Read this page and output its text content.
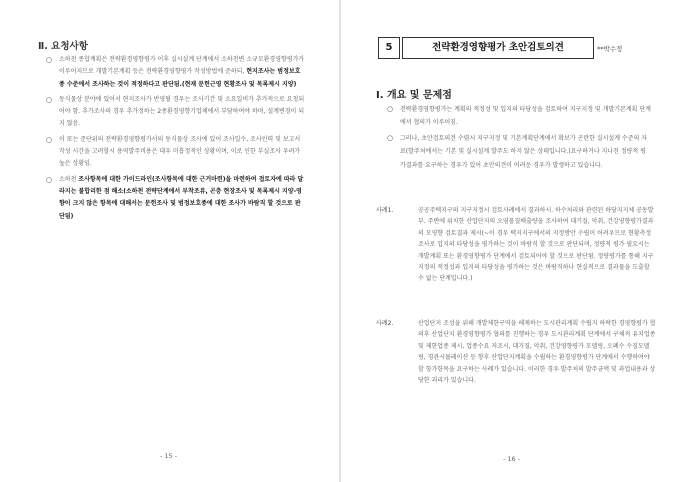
Ⅱ. 요청사항
○ 소하천 종합계획은 전략환경영향평가 이후 실시설계 단계에서 소하천변 소규모환경영향평가가 이루어지므로 개발기본계획 등은 전략환경영향평가 작성방법에 준하되, 현지조사는 범정보호종 수준에서 조사하는 것이 적정하다고 판단됨.(현재 문헌근영 현황조사 및 목록제시 지양)
○ 동식물상 분야에 있어서 현지조사가 반영될 경우는 조사기간 및 소요일비가 추가적으로 요청되어야 함. 추가조사의 경우 추가정하는 2종환경영향기업체에서 부담하여야 하며, 설계변경이 되지 않음.
○ 이 또는 준단위의 전략환경영향평가서의 동식물상 조사에 있어 조사일수, 조사인력 및 보고서 작성 시간을 고려할시 용역발주비용은 대우 미흡정적인 상황이며, 이로 인한 부실조사 우려가 높은 상황임.
○ 소하천 조사항목에 대한 가이드라인(조사항목에 대한 근거마련)을 마련하여 접토자에 따라 달라지는 불합리한 점 해소(소하천 전략단계에서 부착조류, 곤충 현장조사 및 목록제시 지양-영향이 크지 않은 항목에 대해서는 문헌조사 및 범정보호종에 대한 조사가 바람직 할 것으로 판단됨)
- 15 -
5	전략환경영향평가 초안검토의견	**박수정
Ⅰ. 개요 및 문제점
○ 전략환경영향평가는 계획의 적정성 및 입지의 타당성을 검토하여 지구지정 및 개발기본계획 단계에서 협의가 이루어짐.
○ 그러나, 초안검토의견 수렴시 지구지정 및 기본계획단계에서 확보가 곤란한 실시설계 수준의 자료(발주처에서는 기본 및 실시설계 발주도 하지 않은 상태입니다.)요구하거나 지나친 정량적 평가결과를 요구하는 경우가 있어 초안의견이 어려운 경우가 발생하고 있습니다.
사례1.	공공주택지구의 지구지정시 검토사례에서 결과하시. 하수처리와 관련된 하당지지체 공동발부. 주변에 위치한 산업단지의 오염물질배출량을 조사하여 대기질, 악취, 건강영향평가결과의 모영향 검토결과 제시(~이 경우 택지지구에서의 지정방안 수립이 어려우므로 현황측정조사로 입지의 타당성을 평가하는 것이 바람직 할 것으로 판단되며, 정량적 평가 필요시는 개발계획 또는 환경영향평가 단계에서 검토되어야 할 것으로 판단됨. 정량평가를 통해 지구지정의 적정성과 입지의 타당성을 평가하는 것은 바람직하나 현실적으로 결과물을 도출할 수 없는 단계입니다.)
사례2.	산업단지 조성을 위해 개발제한구역을 해제하는 도시관리계획 수립지 하락한 경영향평가 협의후 산업단지 환경영향평가 협의를 진행하는 경우 도시관리계획 단계에서 구체적 유치업종 및 제한업종 제시, 업종수요 저조시, 대기질, 악취, 건강영향평가 모델링, 오폐수 수질모델링, 경관시뮬레이션 등 향후 산업단지계획을 수립하는 환경영향평가 단계에서 수행하여야 할 항가항목을 요구하는 사례가 있습니다. 이러한 경우 발주처의 발주금액 및 과업내용과 상당한 괴리가 있습니다.
- 16 -
